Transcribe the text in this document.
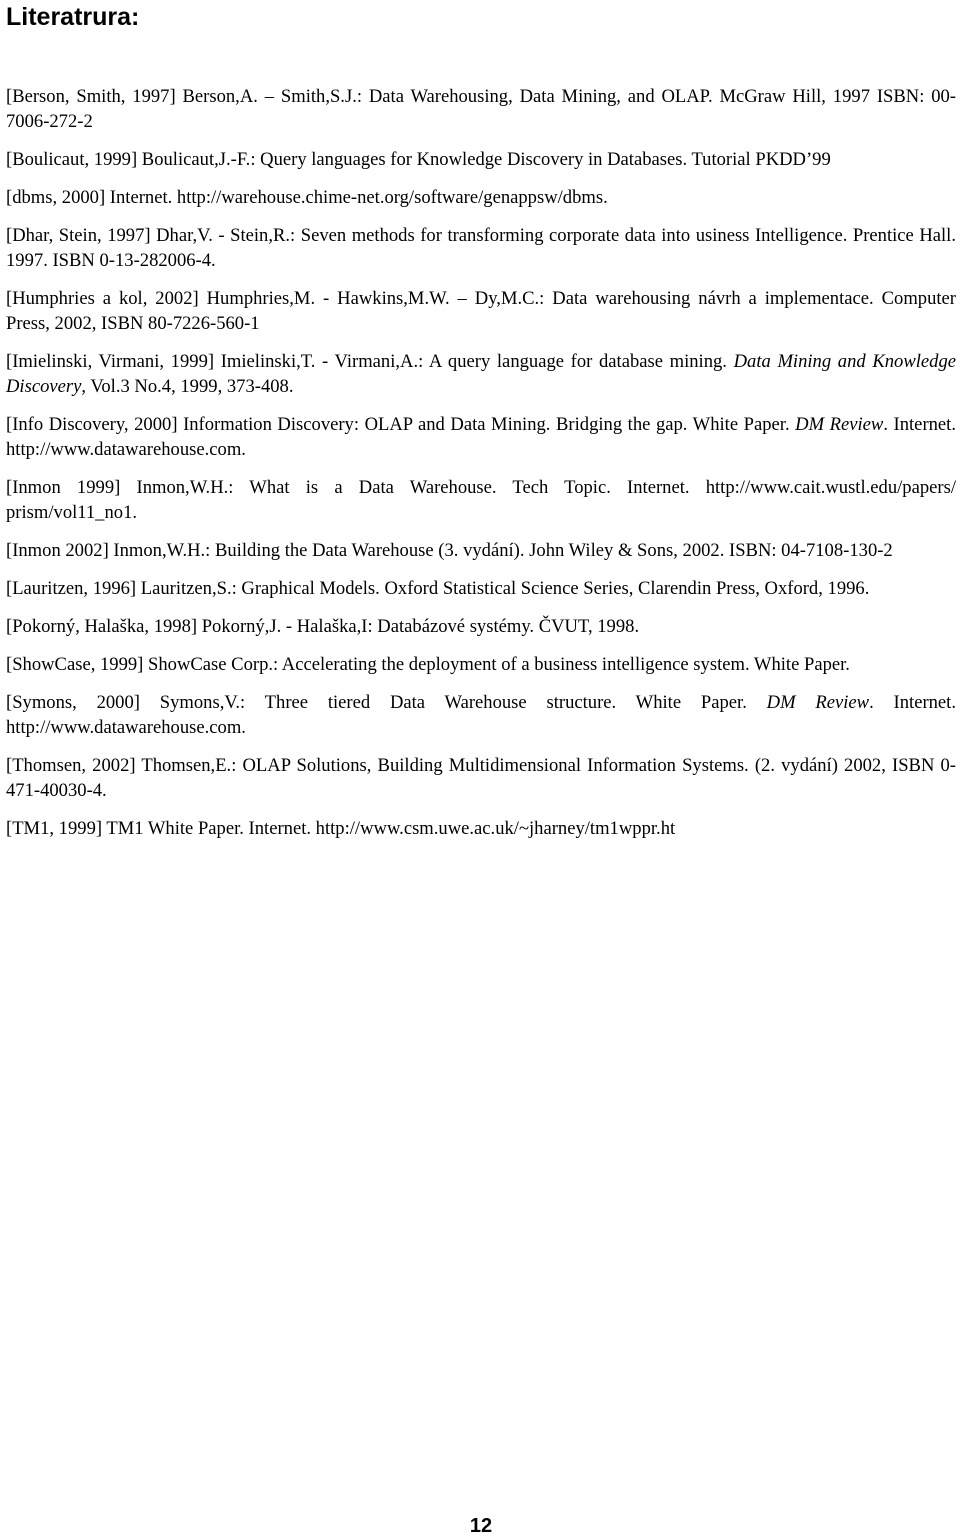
Literatrura:

[Berson, Smith, 1997] Berson,A. – Smith,S.J.: Data Warehousing, Data Mining, and OLAP. McGraw Hill, 1997 ISBN: 00-7006-272-2

[Boulicaut, 1999] Boulicaut,J.-F.: Query languages for Knowledge Discovery in Databases. Tutorial PKDD’99

[dbms, 2000] Internet. http://warehouse.chime-net.org/software/genappsw/dbms.

[Dhar, Stein, 1997] Dhar,V. - Stein,R.: Seven methods for transforming corporate data into usiness Intelligence. Prentice Hall. 1997. ISBN 0-13-282006-4.

[Humphries a kol, 2002] Humphries,M. - Hawkins,M.W. – Dy,M.C.: Data warehousing návrh a implementace. Computer Press, 2002, ISBN 80-7226-560-1

[Imielinski, Virmani, 1999] Imielinski,T. - Virmani,A.: A query language for database mining. Data Mining and Knowledge Discovery, Vol.3 No.4, 1999, 373-408.

[Info Discovery, 2000] Information Discovery: OLAP and Data Mining. Bridging the gap. White Paper. DM Review. Internet. http://www.datawarehouse.com.

[Inmon 1999] Inmon,W.H.: What is a Data Warehouse. Tech Topic. Internet. http://www.cait.wustl.edu/papers/ prism/vol11_no1.

[Inmon 2002] Inmon,W.H.: Building the Data Warehouse (3. vydání). John Wiley & Sons, 2002. ISBN: 04-7108-130-2

[Lauritzen, 1996] Lauritzen,S.: Graphical Models. Oxford Statistical Science Series, Clarendin Press, Oxford, 1996.

[Pokorný, Halaška, 1998] Pokorný,J. - Halaška,I: Databázové systémy. ČVUT, 1998.

[ShowCase, 1999] ShowCase Corp.: Accelerating the deployment of a business intelligence system. White Paper.

[Symons, 2000] Symons,V.: Three tiered Data Warehouse structure. White Paper. DM Review. Internet. http://www.datawarehouse.com.

[Thomsen, 2002] Thomsen,E.: OLAP Solutions, Building Multidimensional Information Systems. (2. vydání) 2002, ISBN 0-471-40030-4.

[TM1, 1999] TM1 White Paper. Internet. http://www.csm.uwe.ac.uk/~jharney/tm1wppr.ht

12
